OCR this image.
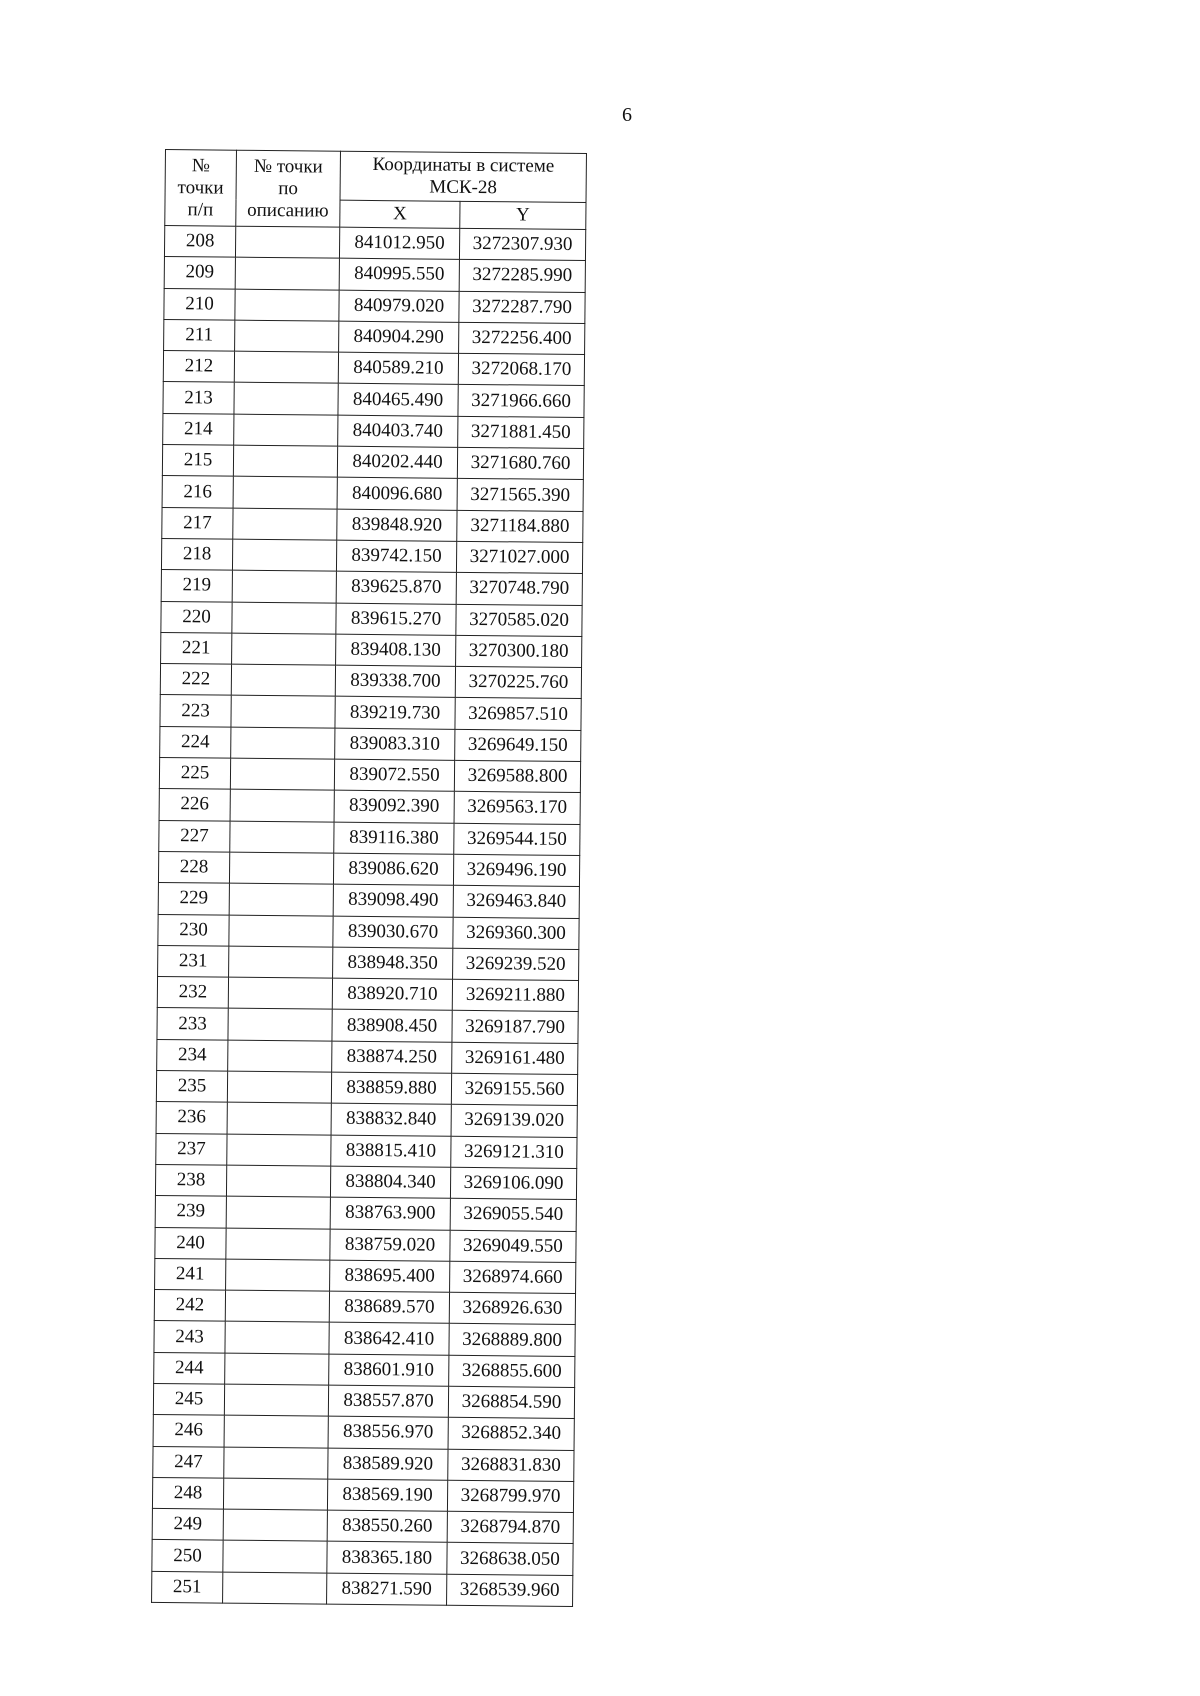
6
№
точки
п/п	№ точки
по
описанию	Координаты в системе
МСК-28	

		X	Y
208		841012.950	3272307.930
209		840995.550	3272285.990
210		840979.020	3272287.790
211		840904.290	3272256.400
212		840589.210	3272068.170
213		840465.490	3271966.660
214		840403.740	3271881.450
215		840202.440	3271680.760
216		840096.680	3271565.390
217		839848.920	3271184.880
218		839742.150	3271027.000
219		839625.870	3270748.790
220		839615.270	3270585.020
221		839408.130	3270300.180
222		839338.700	3270225.760
223		839219.730	3269857.510
224		839083.310	3269649.150
225		839072.550	3269588.800
226		839092.390	3269563.170
227		839116.380	3269544.150
228		839086.620	3269496.190
229		839098.490	3269463.840
230		839030.670	3269360.300
231		838948.350	3269239.520
232		838920.710	3269211.880
233		838908.450	3269187.790
234		838874.250	3269161.480
235		838859.880	3269155.560
236		838832.840	3269139.020
237		838815.410	3269121.310
238		838804.340	3269106.090
239		838763.900	3269055.540
240		838759.020	3269049.550
241		838695.400	3268974.660
242		838689.570	3268926.630
243		838642.410	3268889.800
244		838601.910	3268855.600
245		838557.870	3268854.590
246		838556.970	3268852.340
247		838589.920	3268831.830
248		838569.190	3268799.970
249		838550.260	3268794.870
250		838365.180	3268638.050
251		838271.590	3268539.960
